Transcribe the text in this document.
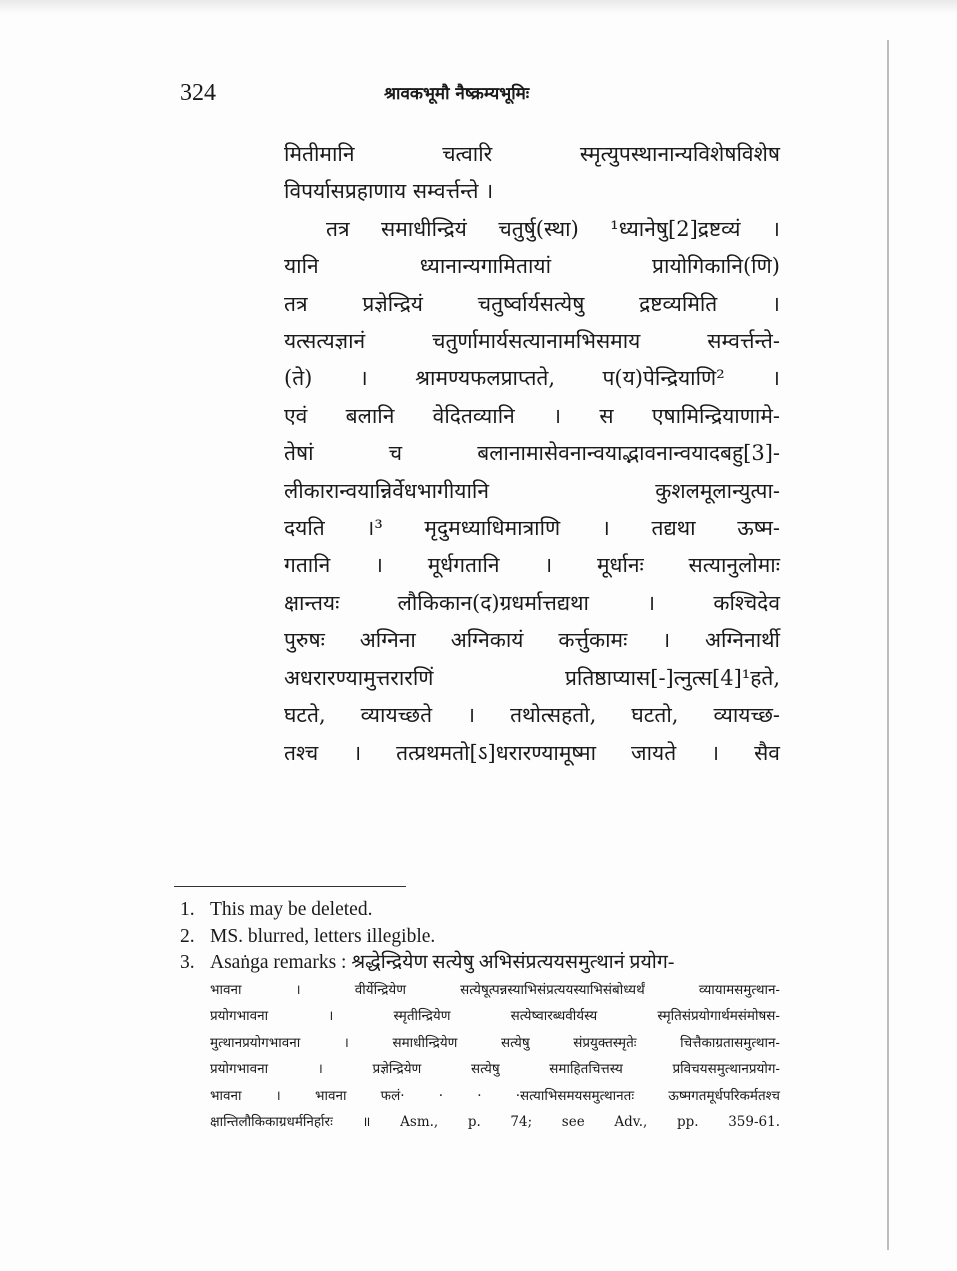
324	श्रावकभूमौ नैष्क्रम्यभूमिः
मितीमानि चत्वारि स्मृत्युपस्थानान्यविशेषविशेष
विपर्यासप्रहाणाय सम्वर्त्तन्ते ।
तत्र समाधीन्द्रियं चतुर्षु(स्था) ¹ध्यानेषु[2]द्रष्टव्यं ।
यानि ध्यानान्यगामितायां प्रायोगिकानि(णि)
तत्र प्रज्ञेन्द्रियं चतुर्ष्वार्यसत्येषु द्रष्टव्यमिति ।
यत्सत्यज्ञानं चतुर्णामार्यसत्यानामभिसमाय सम्वर्त्तन्ते-
(ते) । श्रामण्यफलप्राप्तते, प(य)पेन्द्रियाणि² ।
एवं बलानि वेदितव्यानि । स एषामिन्द्रियाणामे-
तेषां च बलानामासेवनान्वयाद्भावनान्वयादबहु[3]-
लीकारान्वयान्निर्वेधभागीयानि कुशलमूलान्युत्पा-
दयति ।³ मृदुमध्याधिमात्राणि । तद्यथा ऊष्म-
गतानि । मूर्धगतानि । मूर्धानः सत्यानुलोमाः
क्षान्तयः लौकिकान(द)ग्रधर्मात्तद्यथा । कश्चिदेव
पुरुषः अग्निना अग्निकायं कर्त्तुकामः । अग्निनार्थी
अधरारण्यामुत्तरारणिं प्रतिष्ठाप्यास[-]त्नुत्स[4]¹हते,
घटते, व्यायच्छते । तथोत्सहतो, घटतो, व्यायच्छ-
तश्च । तत्प्रथमतो[ऽ]धरारण्यामूष्मा जायते । सैव
1. This may be deleted.
2. MS. blurred, letters illegible.
3. Asaṅga remarks : श्रद्धेन्द्रियेण सत्येषु अभिसंप्रत्ययसमुत्थानं प्रयोग-
भावना । वीर्येन्द्रियेण सत्येषूत्पन्नस्याभिसंप्रत्ययस्याभिसंबोध्यर्थं व्यायामसमुत्थान-
प्रयोगभावना । स्मृतीन्द्रियेण सत्येष्वारब्धवीर्यस्य स्मृतिसंप्रयोगार्थमसंमोषस-
मुत्थानप्रयोगभावना । समाधीन्द्रियेण सत्येषु संप्रयुक्तस्मृतेः चित्तैकाग्रतासमुत्थान-
प्रयोगभावना । प्रज्ञेन्द्रियेण सत्येषु समाहितचित्तस्य प्रविचयसमुत्थानप्रयोग-
भावना । भावना फलं· · · ·सत्याभिसमयसमुत्थानतः ऊष्मगतमूर्धपरिकर्मतश्च
क्षान्तिलौकिकाग्रधर्मनिर्हारः ॥ Asm., p. 74; see Adv., pp. 359-61.
